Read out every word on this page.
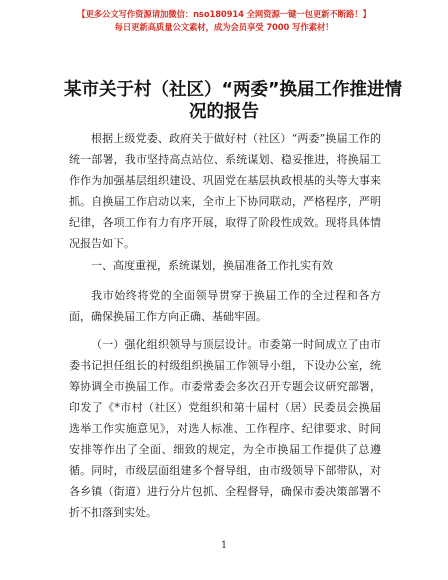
【更多公文写作资源请加微信：nso180914 全网资源一键一包更新不断路！】
每日更新高质量公文素材，成为会员享受 7000 写作素材！
某市关于村（社区）“两委”换届工作推进情
况的报告
根据上级党委、政府关于做好村（社区）“两委”换届工作的统一部署，我市坚持高点站位、系统谋划、稳妥推进，将换届工作作为加强基层组织建设、巩固党在基层执政根基的头等大事来抓。自换届工作启动以来，全市上下协同联动，严格程序，严明纪律，各项工作有力有序开展，取得了阶段性成效。现将具体情况报告如下。
一、高度重视，系统谋划，换届准备工作扎实有效
我市始终将党的全面领导贯穿于换届工作的全过程和各方面，确保换届工作方向正确、基础牢固。
（一）强化组织领导与顶层设计。市委第一时间成立了由市委书记担任组长的村级组织换届工作领导小组，下设办公室，统筹协调全市换届工作。市委常委会多次召开专题会议研究部署，印发了《*市村（社区）党组织和第十届村（居）民委员会换届选举工作实施意见》，对选人标准、工作程序、纪律要求、时间安排等作出了全面、细致的规定，为全市换届工作提供了总遵循。同时，市级层面组建多个督导组，由市级领导下部带队，对各乡镇（街道）进行分片包抓、全程督导，确保市委决策部署不折不扣落到实处。
1
